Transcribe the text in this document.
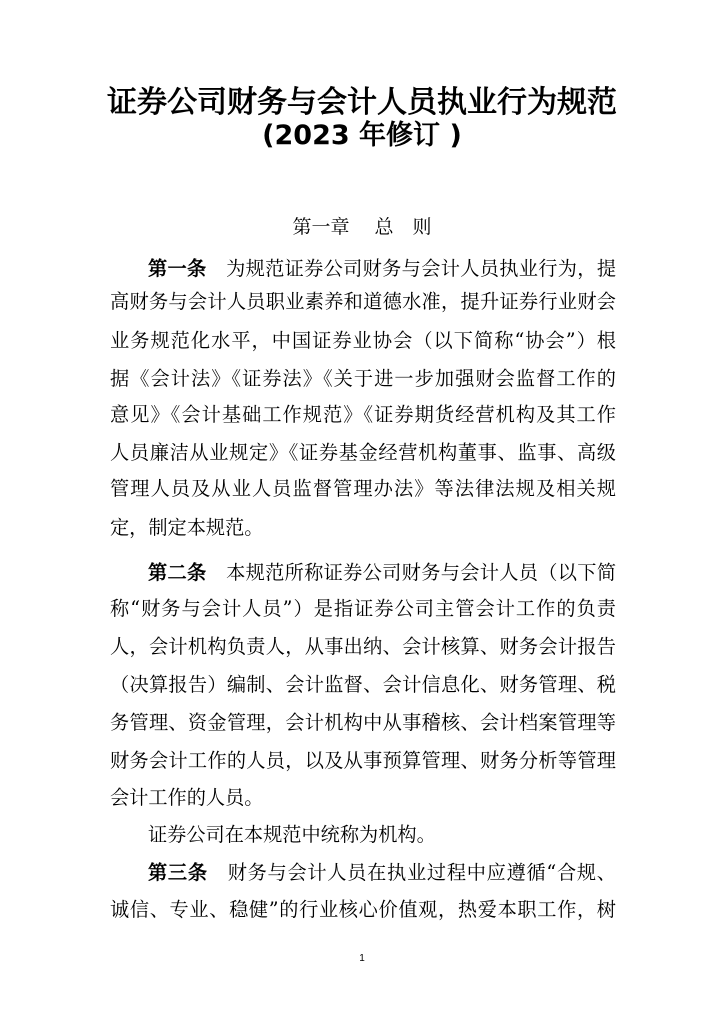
证券公司财务与会计人员执业行为规范
(2023 年修订 )
第一章　 总　则
第一条　 为规范证券公司财务与会计人员执业行为，提
高财务与会计人员职业素养和道德水准，提升证券行业财会
业务规范化水平，中国证券业协会（以下简称“协会”）根
据《会计法》《证券法》《关于进一步加强财会监督工作的
意见》《会计基础工作规范》《证券期货经营机构及其工作
人员廉洁从业规定》《证券基金经营机构董事、监事、高级
管理人员及从业人员监督管理办法》等法律法规及相关规
定，制定本规范。
第二条　 本规范所称证券公司财务与会计人员（以下简
称“财务与会计人员”）是指证券公司主管会计工作的负责
人，会计机构负责人，从事出纳、会计核算、财务会计报告
（决算报告）编制、会计监督、会计信息化、财务管理、税
务管理、资金管理，会计机构中从事稽核、会计档案管理等
财务会计工作的人员，以及从事预算管理、财务分析等管理
会计工作的人员。
证券公司在本规范中统称为机构。
第三条　 财务与会计人员在执业过程中应遵循“合规、
诚信、专业、稳健”的行业核心价值观，热爱本职工作，树
1
